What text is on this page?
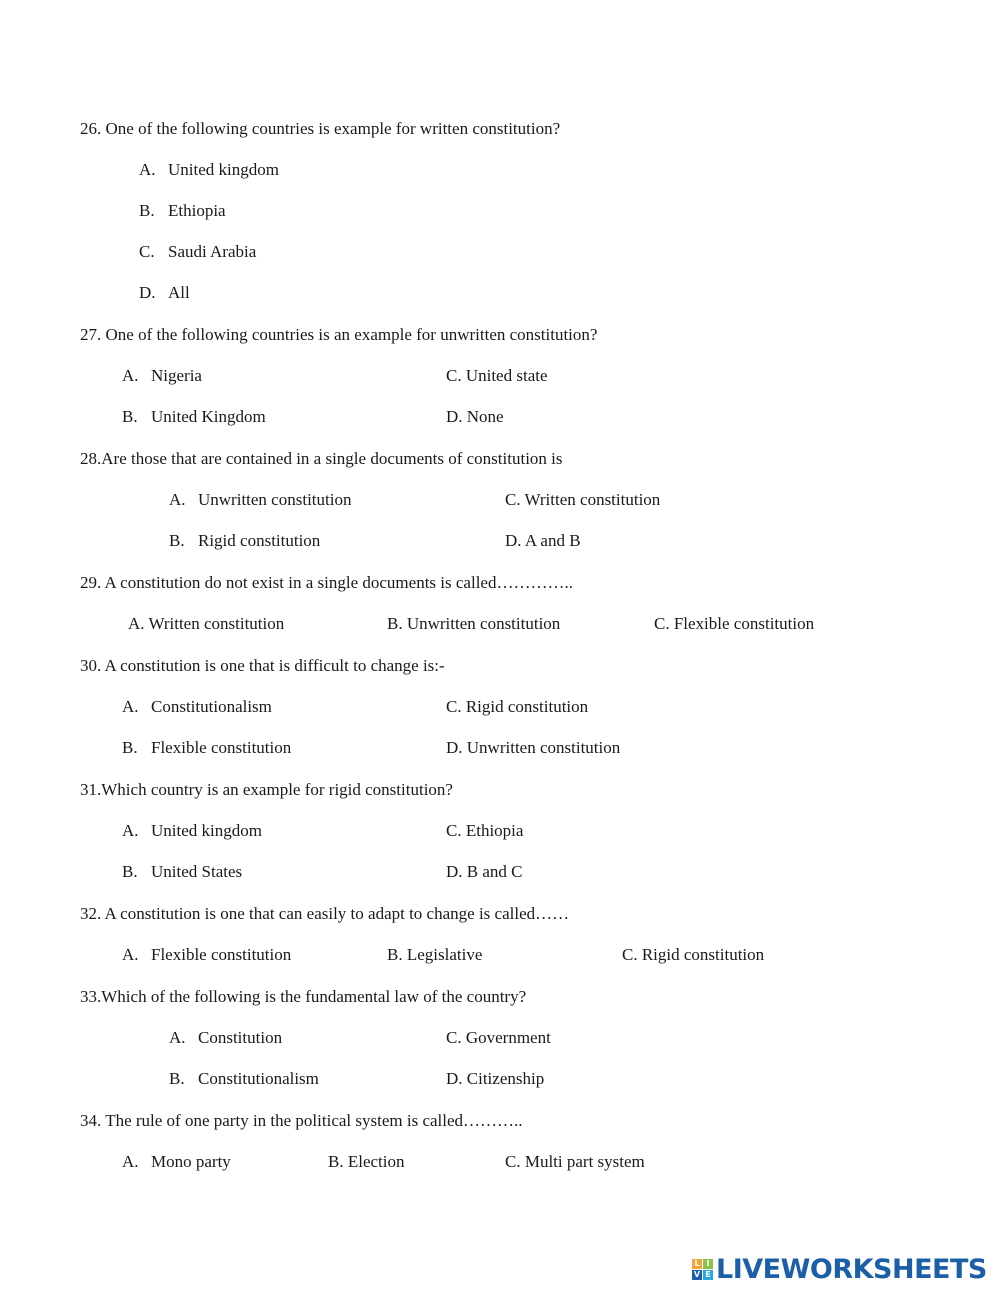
26. One of the following countries is example for written constitution?
A. United kingdom
B. Ethiopia
C. Saudi Arabia
D. All
27. One of the following countries is an example for unwritten constitution?
A. Nigeria	C. United state
B. United Kingdom	D. None
28.Are those that are contained in a single documents of constitution is
A. Unwritten constitution	C. Written constitution
B. Rigid constitution	D. A and B
29. A constitution do not exist in a single documents is called…………..
A. Written constitution	B. Unwritten constitution	C. Flexible constitution
30. A constitution is one that is difficult to change is:-
A. Constitutionalism	C. Rigid constitution
B. Flexible constitution	D. Unwritten constitution
31.Which country is an example for rigid constitution?
A. United kingdom	C. Ethiopia
B. United States	D. B and C
32. A constitution is one that can easily to adapt to change is called……
A. Flexible constitution	B. Legislative	C. Rigid constitution
33.Which of the following is the fundamental law of the country?
A. Constitution	C. Government
B. Constitutionalism	D. Citizenship
34. The rule of one party in the political system is called………..
A. Mono party	B. Election	C. Multi part system
L I
V E LIVEWORKSHEETS
